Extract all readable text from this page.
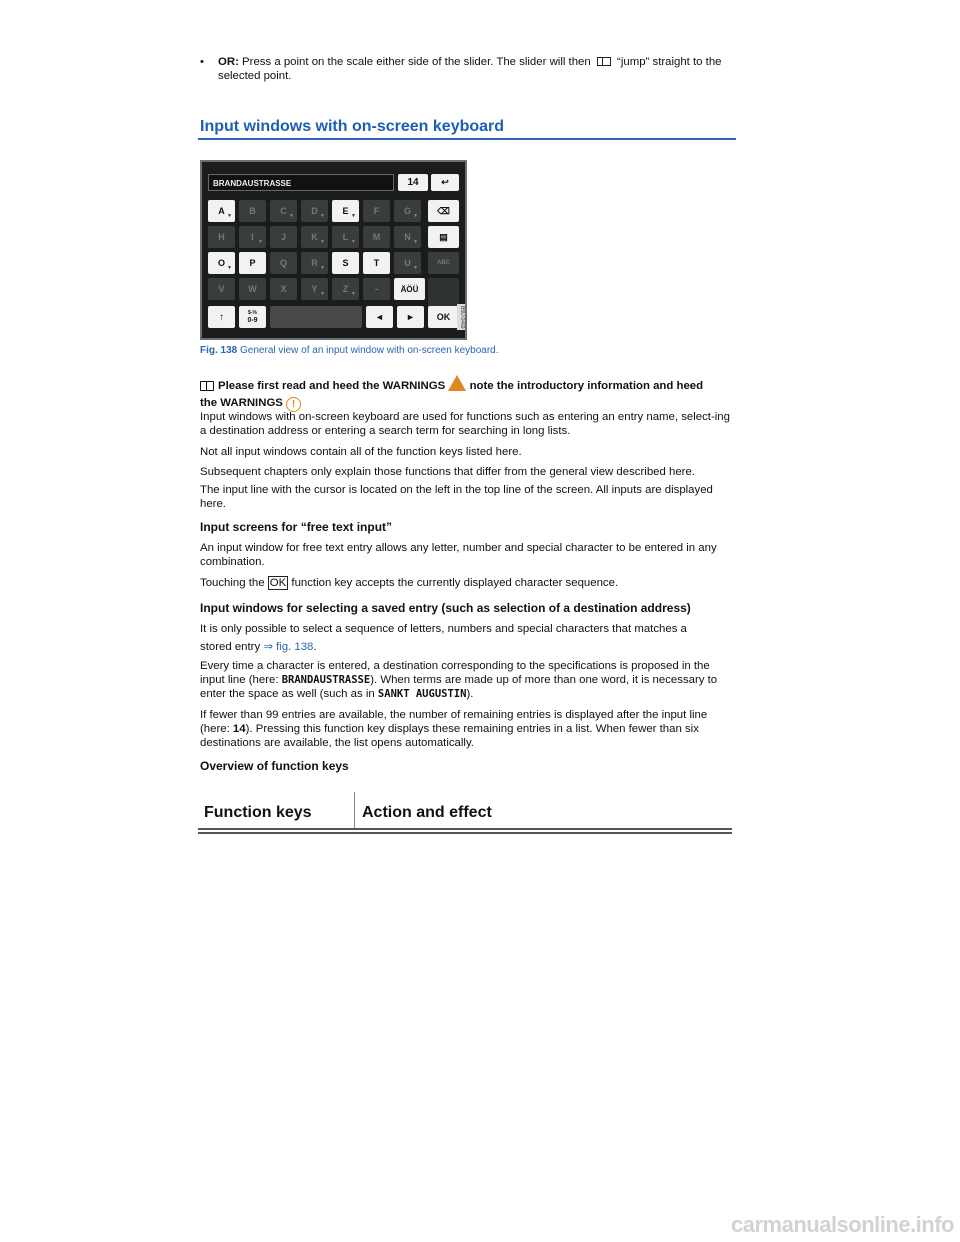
•	OR: Press a point on the scale either side of the slider. The slider will then  “jump” straight to the selected point.
Input windows with on-screen keyboard
BRANDAUSTRASSE	14	↩
A ▼ B	C ▼ D ▼ E ▼ F	G ▼
⌫
H	I ▼ J	K ▼ L ▼ M	N ▼
▤
O ▼ P	Q	R ▼ S	T	U ▼
ABC
V	W	X	Y ▼ Z ▼ -	ÄÖÜ
↑	$-%
0-9	◄	►	OK	B5U-0469
Fig. 138 General view of an input window with on-screen keyboard.
Please first read and heed the WARNINGS  note the introductory information and heed
the WARNINGS !

Input windows with on-screen keyboard are used for functions such as entering an entry name, select-ing a destination address or entering a search term for searching in long lists.

Not all input windows contain all of the function keys listed here.

Subsequent chapters only explain those functions that differ from the general view described here.

The input line with the cursor is located on the left in the top line of the screen. All inputs are displayed here.

Input screens for “free text input”

An input window for free text entry allows any letter, number and special character to be entered in any combination.

Touching the OK function key accepts the currently displayed character sequence.

Input windows for selecting a saved entry (such as selection of a destination address)

It is only possible to select a sequence of letters, numbers and special characters that matches a

stored entry ⇒ fig. 138.

Every time a character is entered, a destination corresponding to the specifications is proposed in the input line (here: BRANDAUSTRASSE). When terms are made up of more than one word, it is necessary to enter the space as well (such as in SANKT AUGUSTIN).

If fewer than 99 entries are available, the number of remaining entries is displayed after the input line (here: 14). Pressing this function key displays these remaining entries in a list. When fewer than six destinations are available, the list opens automatically.

Overview of function keys
Function keys	Action and effect
carmanualsonline.info
